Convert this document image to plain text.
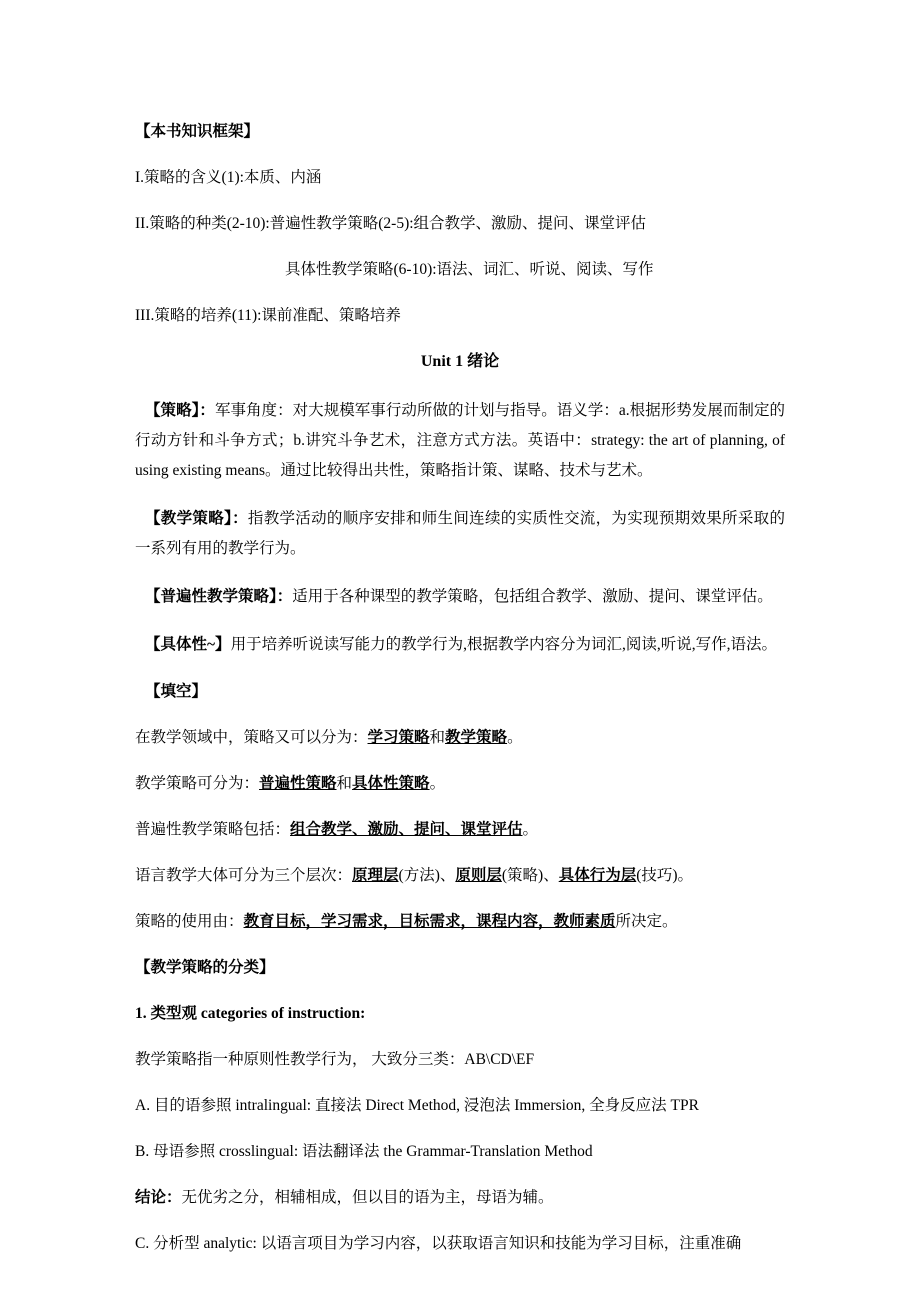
【本书知识框架】

I.策略的含义(1):本质、内涵

II.策略的种类(2-10):普遍性教学策略(2-5):组合教学、激励、提问、课堂评估

具体性教学策略(6-10):语法、词汇、听说、阅读、写作

III.策略的培养(11):课前准配、策略培养

Unit 1 绪论

【策略】：军事角度：对大规模军事行动所做的计划与指导。语义学：a.根据形势发展而制定的行动方针和斗争方式；b.讲究斗争艺术，注意方式方法。英语中：strategy: the art of planning, of using existing means。通过比较得出共性，策略指计策、谋略、技术与艺术。

【教学策略】：指教学活动的顺序安排和师生间连续的实质性交流，为实现预期效果所采取的一系列有用的教学行为。

【普遍性教学策略】：适用于各种课型的教学策略，包括组合教学、激励、提问、课堂评估。

【具体性~】用于培养听说读写能力的教学行为,根据教学内容分为词汇,阅读,听说,写作,语法。

【填空】

在教学领域中，策略又可以分为：学习策略和教学策略。

教学策略可分为：普遍性策略和具体性策略。

普遍性教学策略包括：组合教学、激励、提问、课堂评估。

语言教学大体可分为三个层次：原理层(方法)、原则层(策略)、具体行为层(技巧)。

策略的使用由：教育目标，学习需求，目标需求，课程内容，教师素质所决定。

【教学策略的分类】

1. 类型观 categories of instruction:

教学策略指一种原则性教学行为， 大致分三类：AB\CD\EF

A. 目的语参照 intralingual: 直接法 Direct Method, 浸泡法 Immersion, 全身反应法 TPR

B. 母语参照 crosslingual: 语法翻译法 the Grammar-Translation Method

结论：无优劣之分，相辅相成，但以目的语为主，母语为辅。

C. 分析型 analytic: 以语言项目为学习内容，以获取语言知识和技能为学习目标，注重准确
